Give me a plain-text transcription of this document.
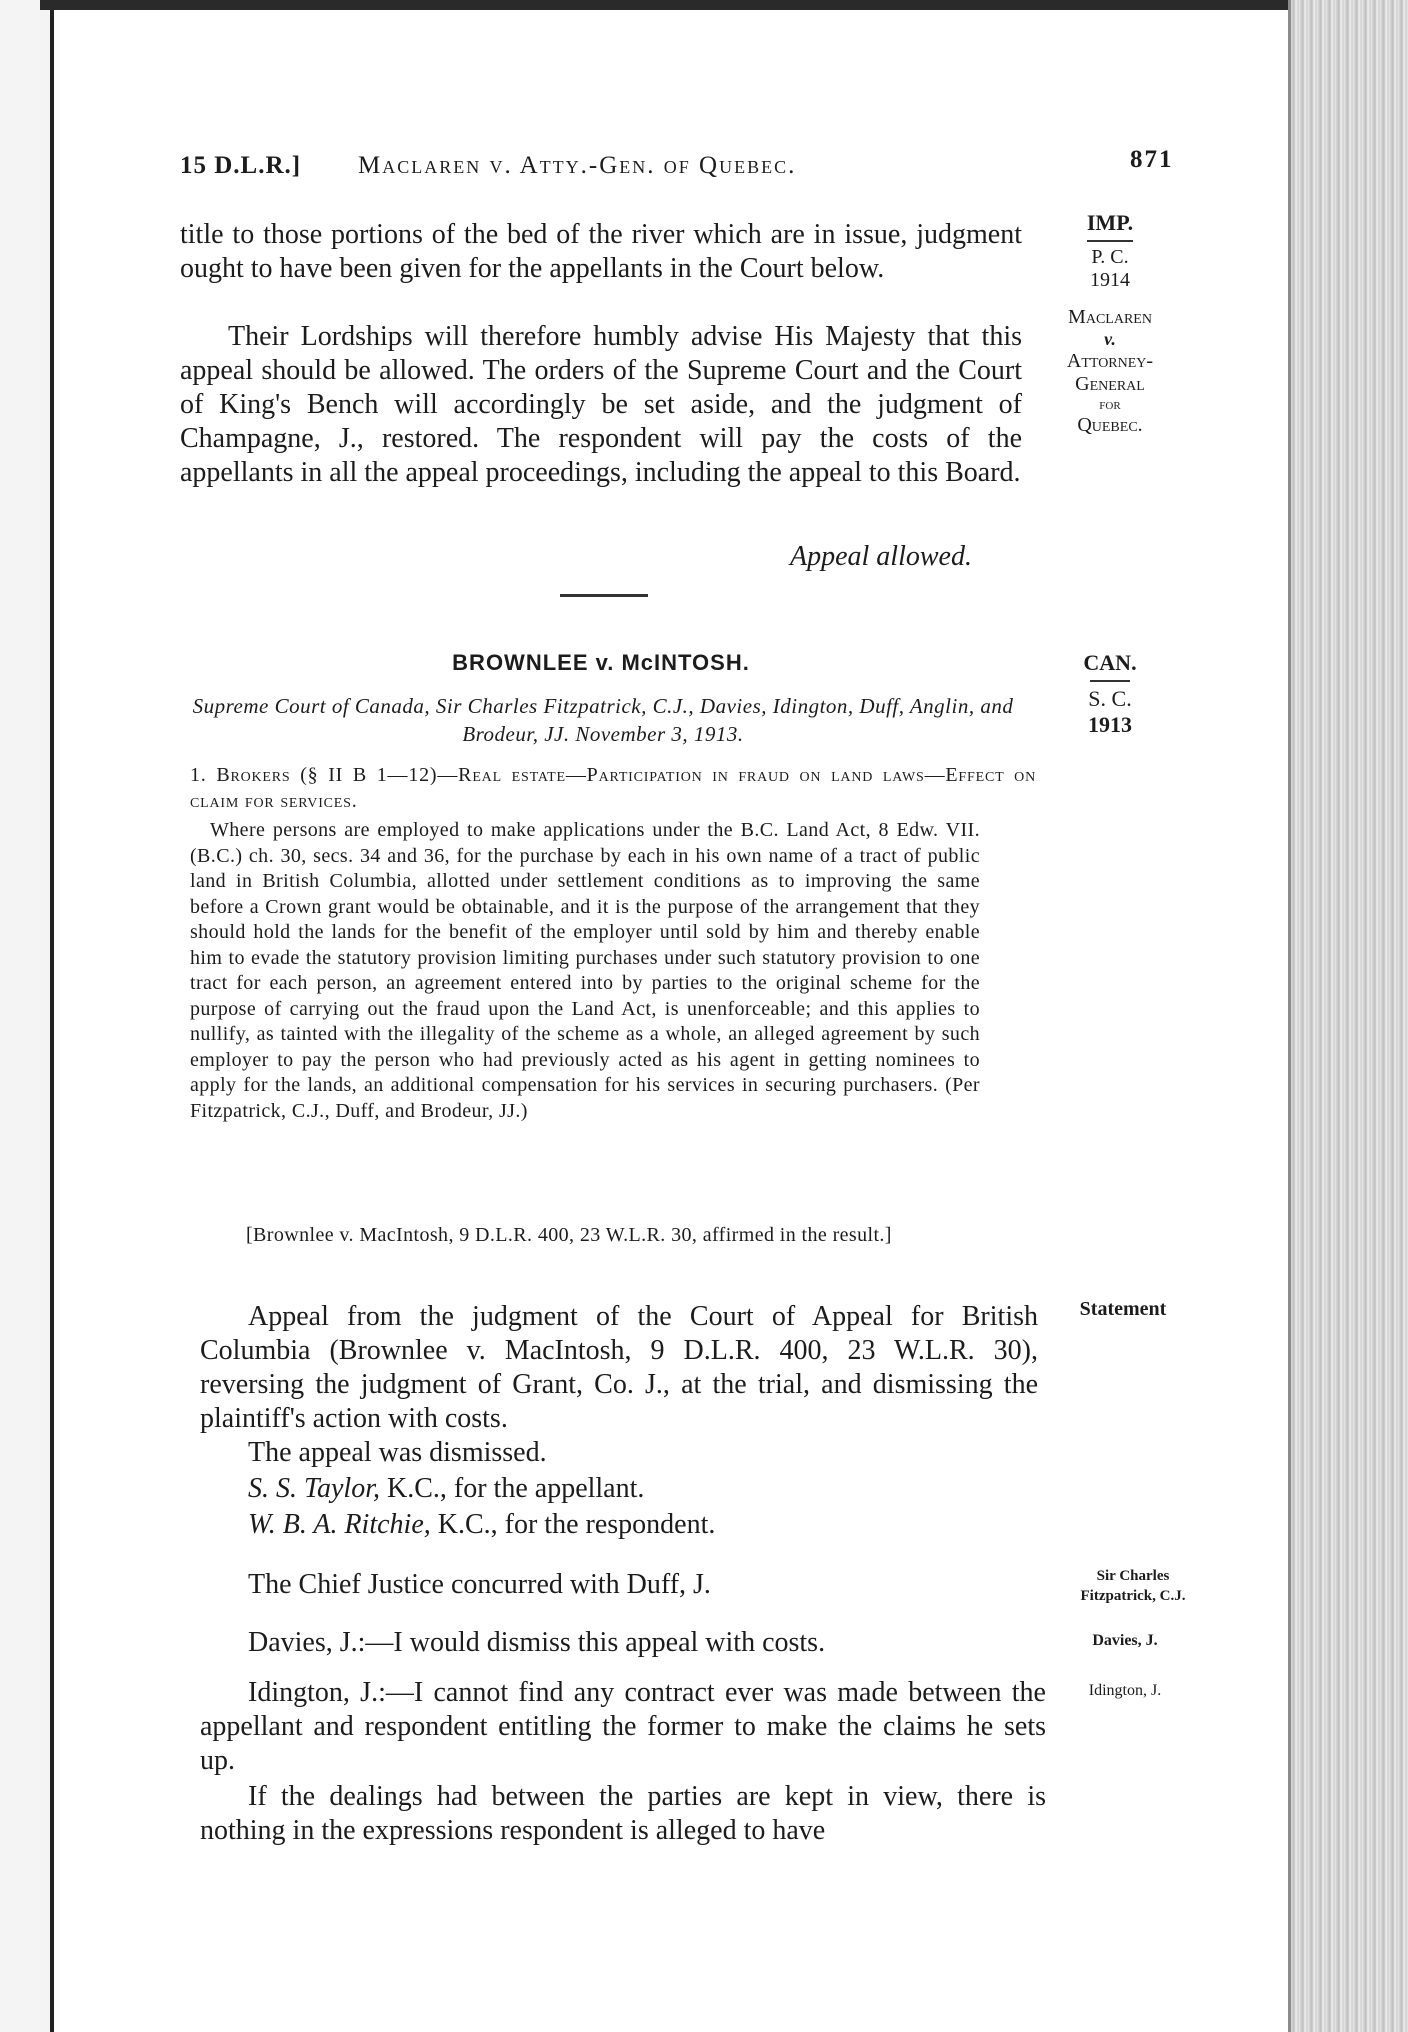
15 D.L.R.] Maclaren v. Atty.-Gen. of Quebec.	871
IMP.
P. C.
1914
Maclaren
v.
Attorney-
General
for
Quebec.
title to those portions of the bed of the river which are in issue, judgment ought to have been given for the appellants in the Court below.
Their Lordships will therefore humbly advise His Majesty that this appeal should be allowed. The orders of the Supreme Court and the Court of King's Bench will accordingly be set aside, and the judgment of Champagne, J., restored. The respondent will pay the costs of the appellants in all the appeal proceedings, including the appeal to this Board.
Appeal allowed.
BROWNLEE v. McINTOSH.	CAN.
S. C.
1913
Supreme Court of Canada, Sir Charles Fitzpatrick, C.J., Davies, Idington, Duff, Anglin, and Brodeur, JJ. November 3, 1913.
1. Brokers (§ II B 1—12)—Real estate—Participation in fraud on land laws—Effect on claim for services.
Where persons are employed to make applications under the B.C. Land Act, 8 Edw. VII. (B.C.) ch. 30, secs. 34 and 36, for the purchase by each in his own name of a tract of public land in British Columbia, allotted under settlement conditions as to improving the same before a Crown grant would be obtainable, and it is the purpose of the arrangement that they should hold the lands for the benefit of the employer until sold by him and thereby enable him to evade the statutory provision limiting purchases under such statutory provision to one tract for each person, an agreement entered into by parties to the original scheme for the purpose of carrying out the fraud upon the Land Act, is unenforceable; and this applies to nullify, as tainted with the illegality of the scheme as a whole, an alleged agreement by such employer to pay the person who had previously acted as his agent in getting nominees to apply for the lands, an additional compensation for his services in securing purchasers. (Per Fitzpatrick, C.J., Duff, and Brodeur, JJ.)
[Brownlee v. MacIntosh, 9 D.L.R. 400, 23 W.L.R. 30, affirmed in the result.]
Statement
Appeal from the judgment of the Court of Appeal for British Columbia (Brownlee v. MacIntosh, 9 D.L.R. 400, 23 W.L.R. 30), reversing the judgment of Grant, Co. J., at the trial, and dismissing the plaintiff's action with costs.
The appeal was dismissed.
S. S. Taylor, K.C., for the appellant.
W. B. A. Ritchie, K.C., for the respondent.
Sir Charles Fitzpatrick, C.J.
The Chief Justice concurred with Duff, J.
Davies, J.
Davies, J.:—I would dismiss this appeal with costs.
Idington, J.
Idington, J.:—I cannot find any contract ever was made between the appellant and respondent entitling the former to make the claims he sets up.
If the dealings had between the parties are kept in view, there is nothing in the expressions respondent is alleged to have
